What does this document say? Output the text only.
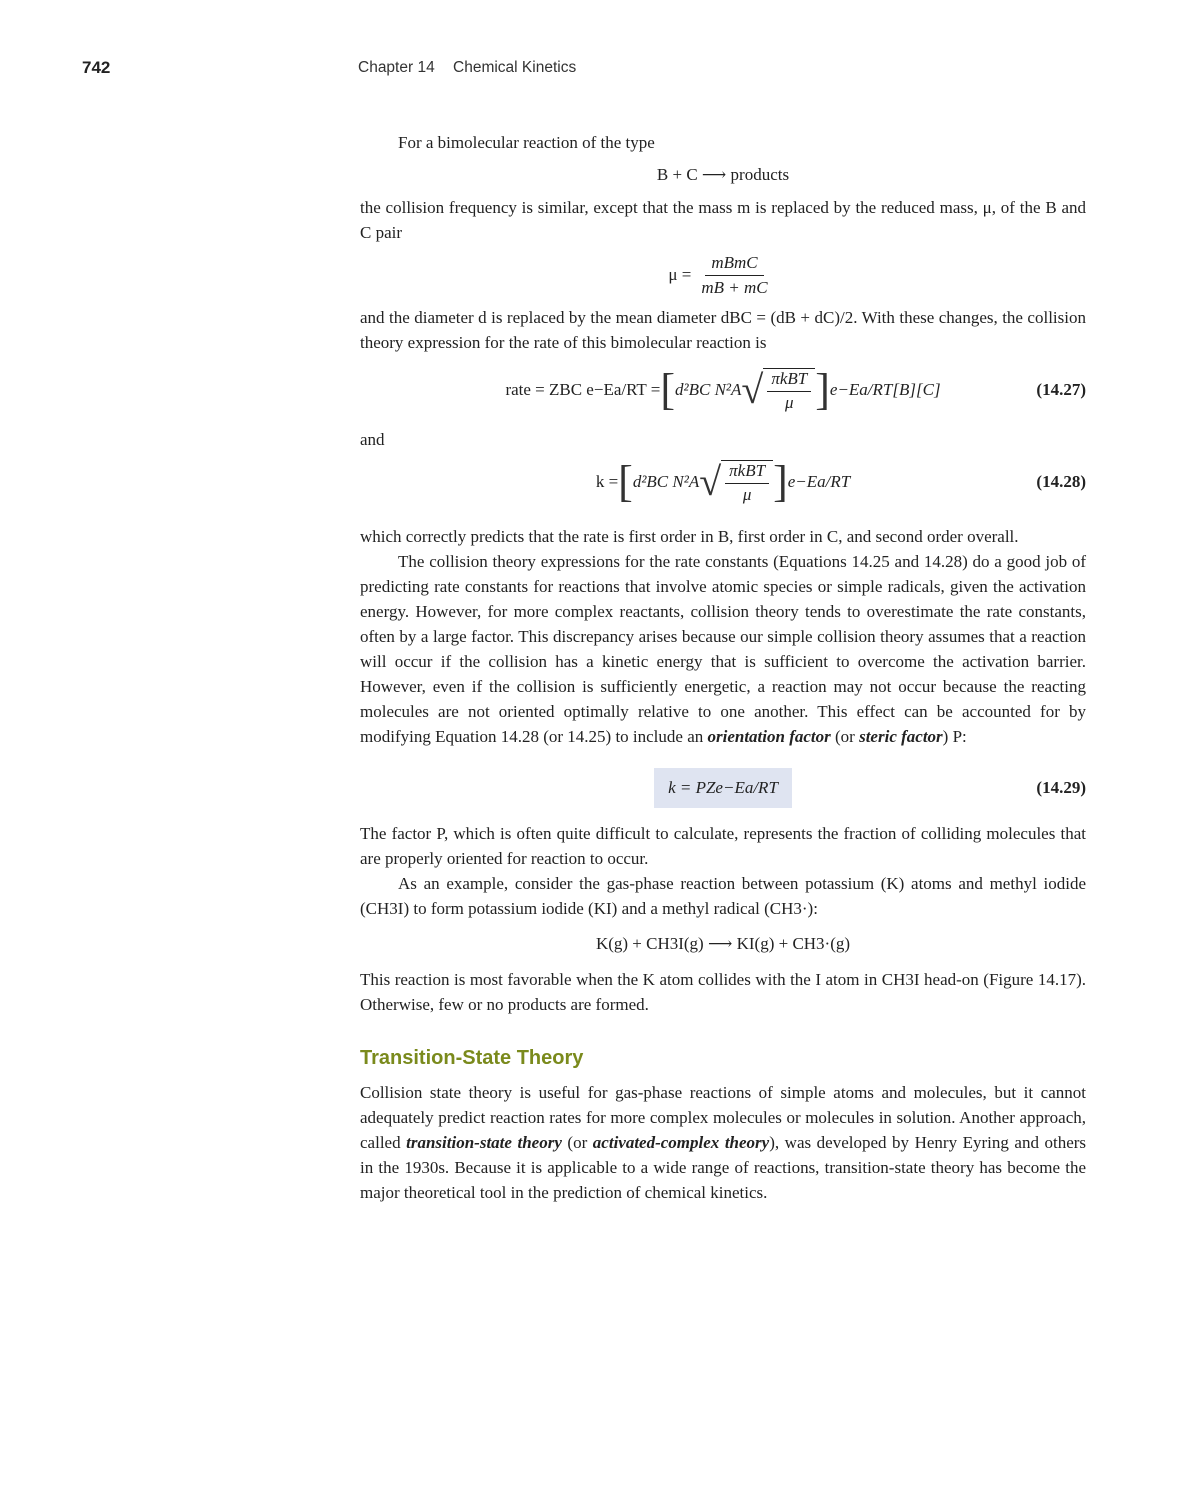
742	Chapter 14 Chemical Kinetics

For a bimolecular reaction of the type

B + C ⟶ products

the collision frequency is similar, except that the mass m is replaced by the reduced mass, μ, of the B and C pair

$\mu = \frac{\text{mBmC}}{mB + mC}$

and the diameter d is replaced by the mean diameter dBC = (dB + dC)/2. With these changes, the collision theory expression for the rate of this bimolecular reaction is

rate = ZBC e−Ea/RT = [ d²BC N²A √ πkBT
μ ] e−Ea/RT[B][C]	(14.27)

and

k = [ d²BC N²A √ πkBT
μ ] e−Ea/RT	(14.28)

which correctly predicts that the rate is first order in B, first order in C, and second order overall.

The collision theory expressions for the rate constants (Equations 14.25 and 14.28) do a good job of predicting rate constants for reactions that involve atomic species or simple radicals, given the activation energy. However, for more complex reactants, collision theory tends to overestimate the rate constants, often by a large factor. This discrepancy arises because our simple collision theory assumes that a reaction will occur if the collision has a kinetic energy that is sufficient to overcome the activation barrier. However, even if the collision is sufficiently energetic, a reaction may not occur because the reacting molecules are not oriented optimally relative to one another. This effect can be accounted for by modifying Equation 14.28 (or 14.25) to include an orientation factor (or steric factor) P:

k = PZe−Ea/RT	(14.29)

The factor P, which is often quite difficult to calculate, represents the fraction of colliding molecules that are properly oriented for reaction to occur.

As an example, consider the gas-phase reaction between potassium (K) atoms and methyl iodide (CH3I) to form potassium iodide (KI) and a methyl radical (CH3·):

K(g) + CH3I(g) ⟶ KI(g) + CH3·(g)

This reaction is most favorable when the K atom collides with the I atom in CH3I head-on (Figure 14.17). Otherwise, few or no products are formed.

Transition-State Theory

Collision state theory is useful for gas-phase reactions of simple atoms and molecules, but it cannot adequately predict reaction rates for more complex molecules or molecules in solution. Another approach, called transition-state theory (or activated-complex theory), was developed by Henry Eyring and others in the 1930s. Because it is applicable to a wide range of reactions, transition-state theory has become the major theoretical tool in the prediction of chemical kinetics.
